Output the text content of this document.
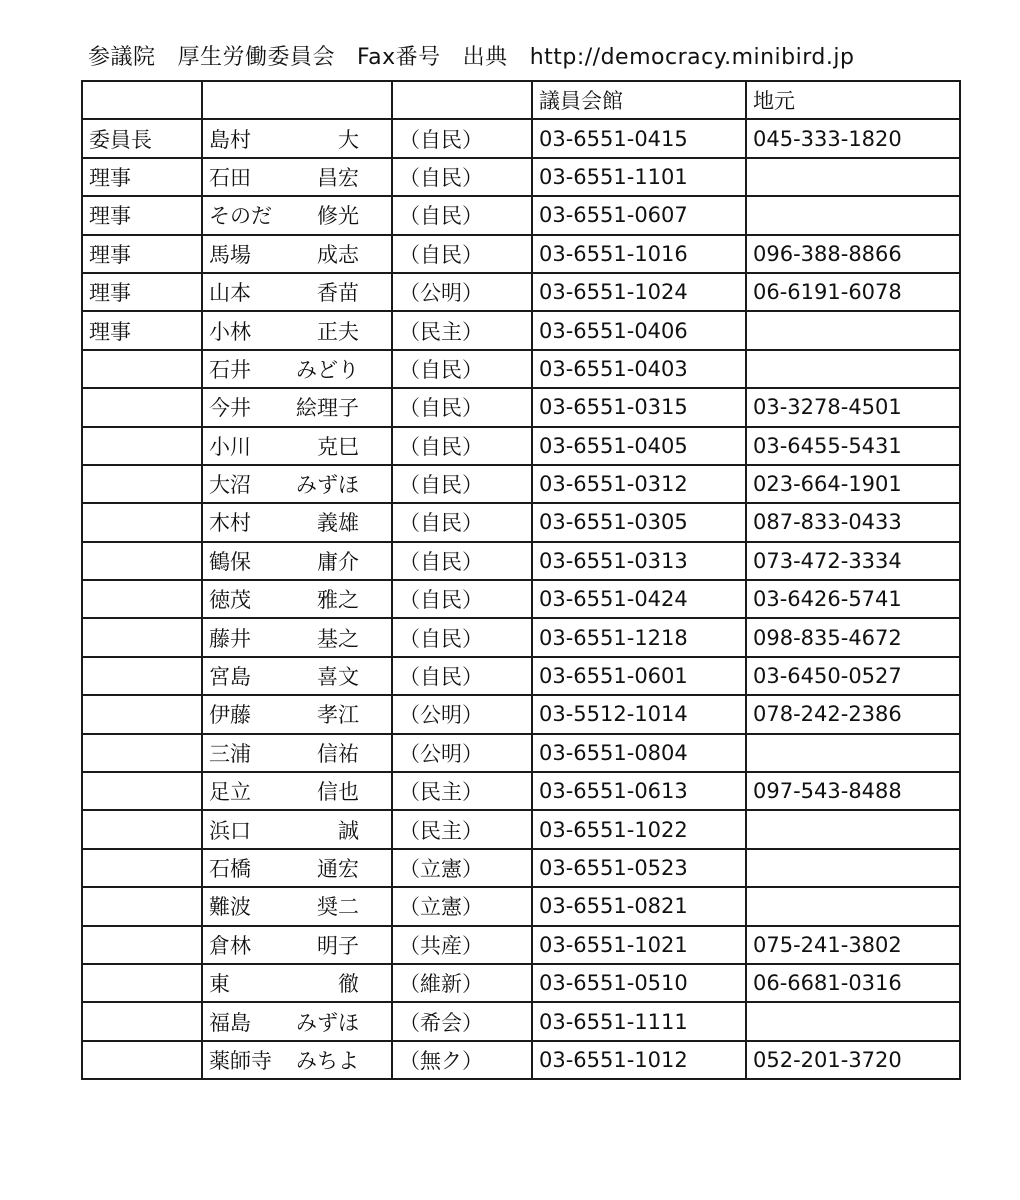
参議院 厚生労働委員会 Fax番号 出典 http://democracy.minibird.jp
			議員会館	地元
委員長	島村 大	（自民）	03-6551-0415	045-333-1820
理事	石田 昌宏	（自民）	03-6551-1101	
理事	そのだ 修光	（自民）	03-6551-0607	
理事	馬場 成志	（自民）	03-6551-1016	096-388-8866
理事	山本 香苗	（公明）	03-6551-1024	06-6191-6078
理事	小林 正夫	（民主）	03-6551-0406	

	石井 みどり	（自民）	03-6551-0403	

	今井 絵理子	（自民）	03-6551-0315	03-3278-4501

	小川 克巳	（自民）	03-6551-0405	03-6455-5431

	大沼 みずほ	（自民）	03-6551-0312	023-664-1901

	木村 義雄	（自民）	03-6551-0305	087-833-0433

	鶴保 庸介	（自民）	03-6551-0313	073-472-3334

	徳茂 雅之	（自民）	03-6551-0424	03-6426-5741

	藤井 基之	（自民）	03-6551-1218	098-835-4672

	宮島 喜文	（自民）	03-6551-0601	03-6450-0527

	伊藤 孝江	（公明）	03-5512-1014	078-242-2386

	三浦 信祐	（公明）	03-6551-0804	

	足立 信也	（民主）	03-6551-0613	097-543-8488

	浜口 誠	（民主）	03-6551-1022	

	石橋 通宏	（立憲）	03-6551-0523	

	難波 奨二	（立憲）	03-6551-0821	

	倉林 明子	（共産）	03-6551-1021	075-241-3802

	東 徹	（維新）	03-6551-0510	06-6681-0316

	福島 みずほ	（希会）	03-6551-1111	

	薬師寺 みちよ	（無ク）	03-6551-1012	052-201-3720
